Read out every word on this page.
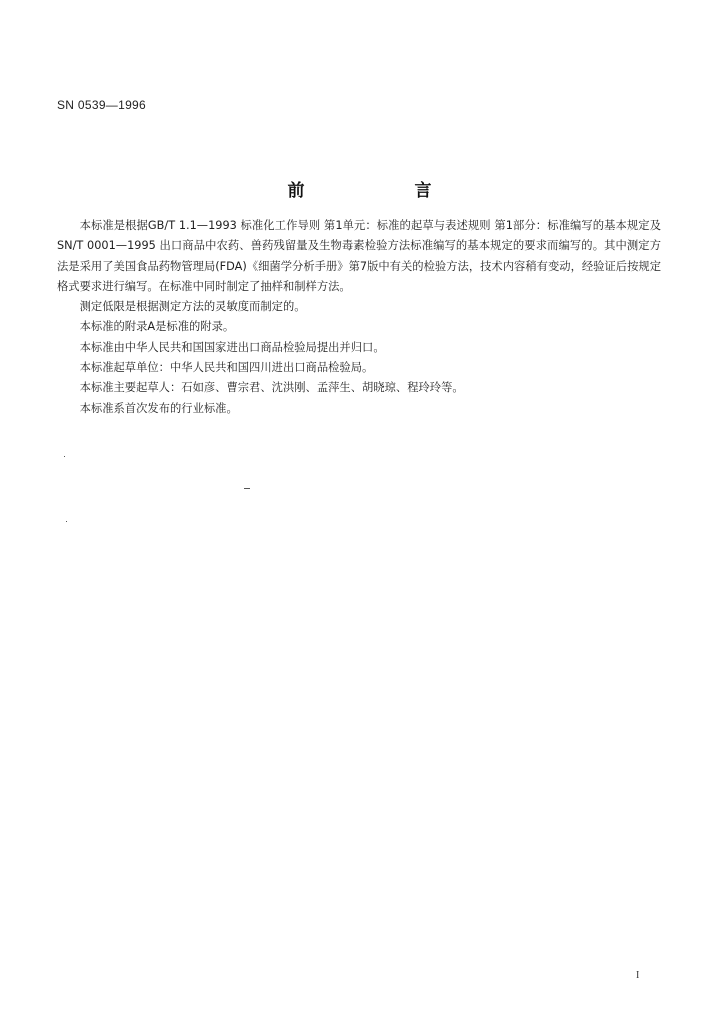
SN 0539—1996
前 言

本标准是根据GB/T 1.1—1993 标准化工作导则 第1单元：标准的起草与表述规则 第1部分：标准编写的基本规定及SN/T 0001—1995 出口商品中农药、兽药残留量及生物毒素检验方法标准编写的基本规定的要求而编写的。其中测定方法是采用了美国食品药物管理局(FDA)《细菌学分析手册》第7版中有关的检验方法，技术内容稍有变动，经验证后按规定格式要求进行编写。在标准中同时制定了抽样和制样方法。

测定低限是根据测定方法的灵敏度而制定的。

本标准的附录A是标准的附录。

本标准由中华人民共和国国家进出口商品检验局提出并归口。

本标准起草单位：中华人民共和国四川进出口商品检验局。

本标准主要起草人：石如彦、曹宗君、沈洪刚、孟萍生、胡晓琼、程玲玲等。

本标准系首次发布的行业标准。

I
